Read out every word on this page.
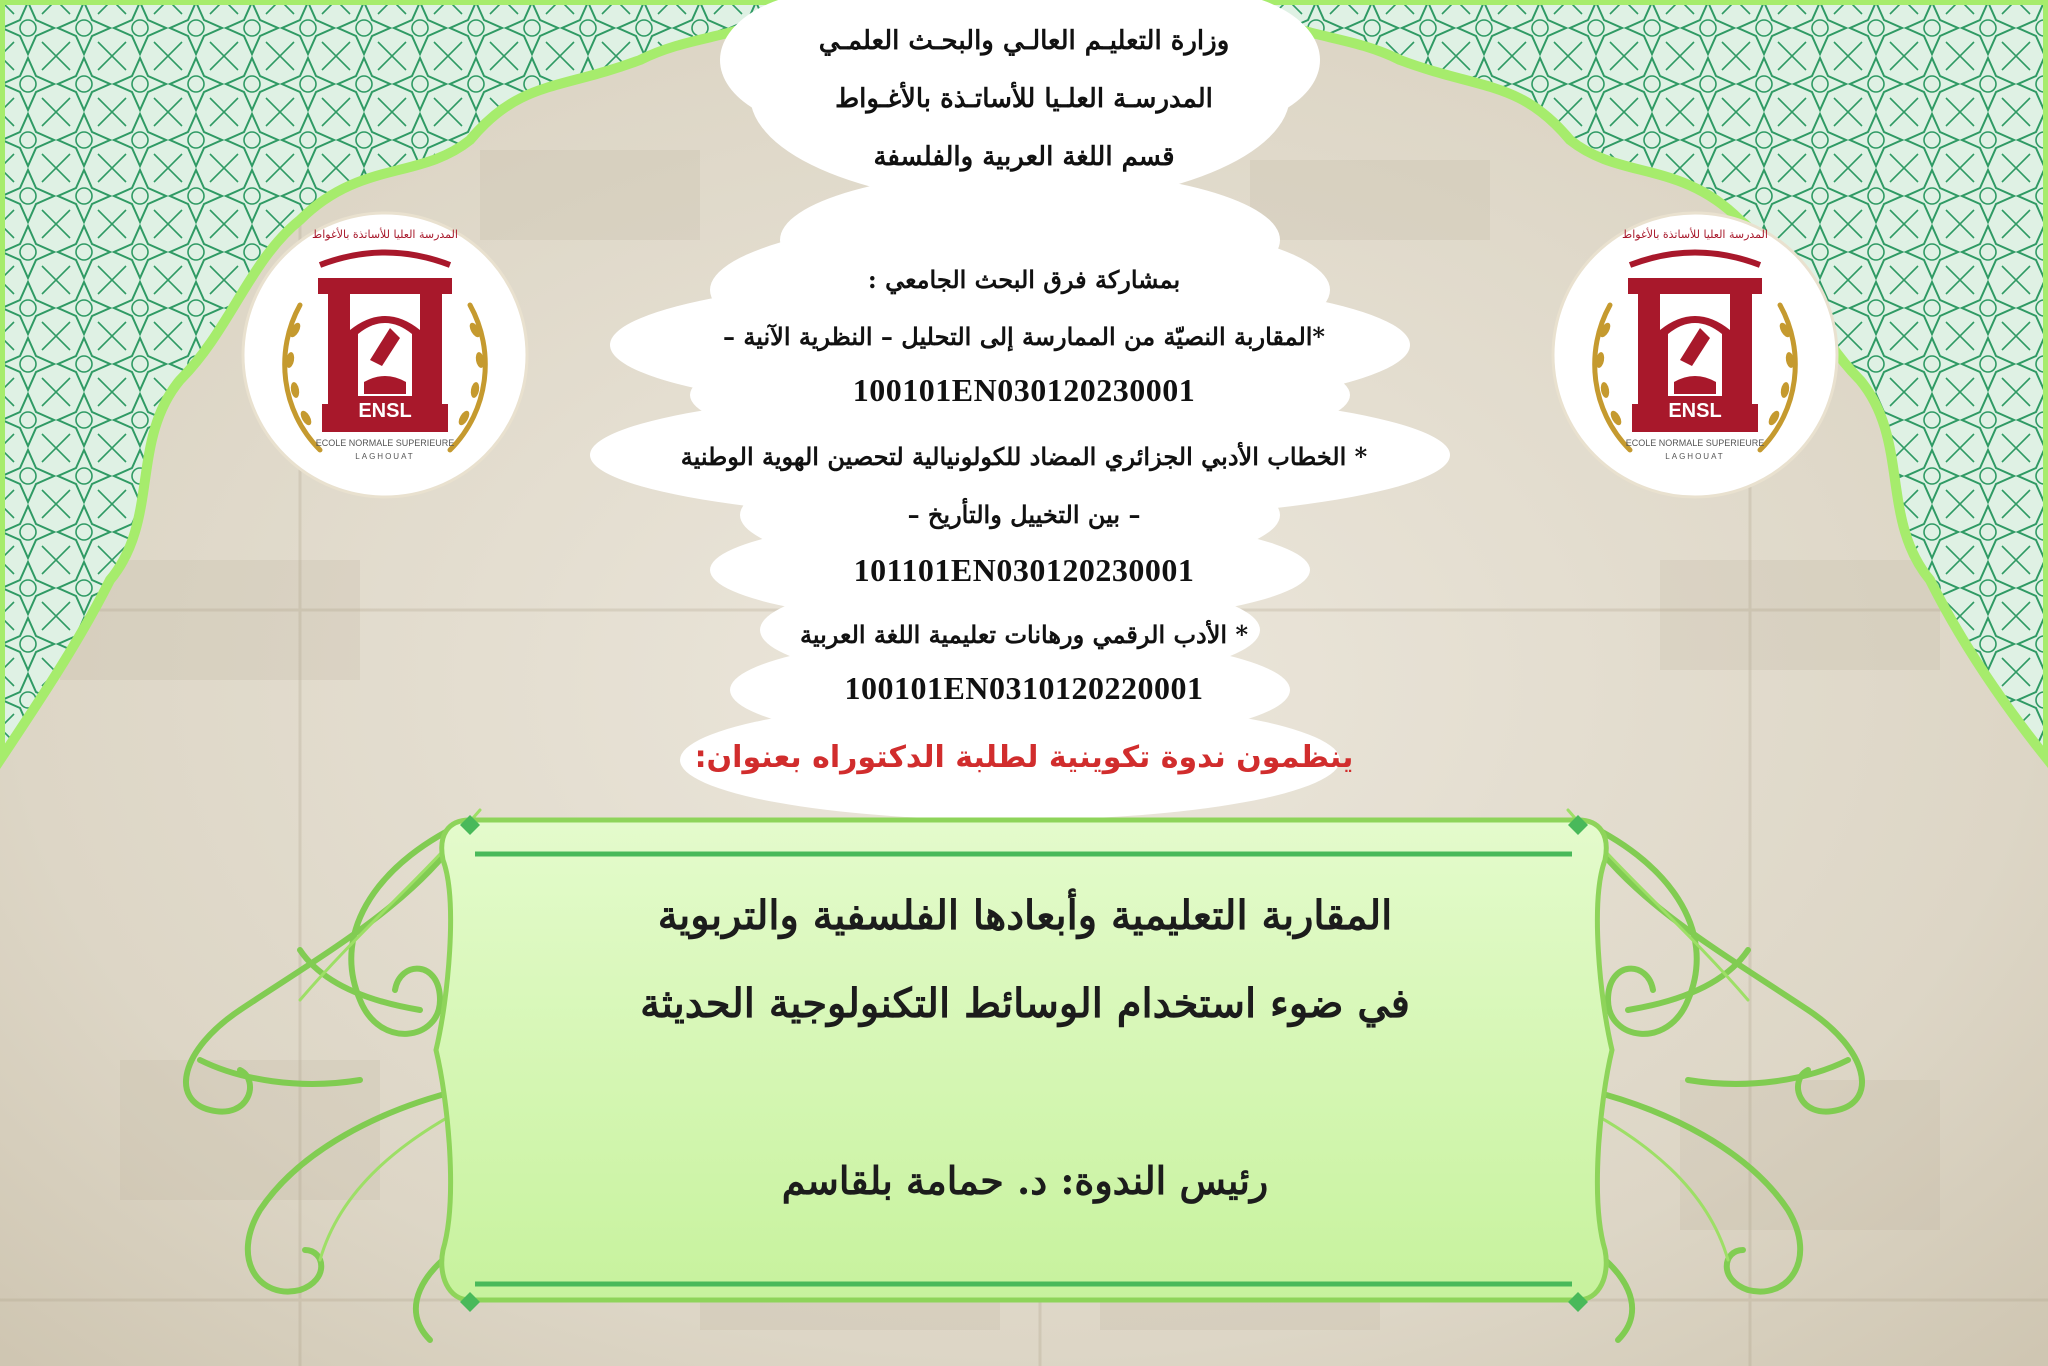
ENSL
المدرسة العليا للأساتذة بالأغواط
ECOLE NORMALE SUPERIEURE
LAGHOUAT
ENSL
المدرسة العليا للأساتذة بالأغواط
ECOLE NORMALE SUPERIEURE
LAGHOUAT
وزارة التعليـم العالـي والبحـث العلمـي
المدرسـة العلـيا للأساتـذة بالأغـواط
قسم اللغة العربية والفلسفة
بمشاركة فرق البحث الجامعي :
*المقاربة النصيّة من الممارسة إلى التحليل – النظرية الآنية –
100101EN030120230001
* الخطاب الأدبي الجزائري المضاد للكولونيالية لتحصين الهوية الوطنية
– بين التخييل والتأريخ –
101101EN030120230001
* الأدب الرقمي ورهانات تعليمية اللغة العربية
100101EN0310120220001
ينظمون ندوة تكوينية لطلبة الدكتوراه بعنوان:
المقاربة التعليمية وأبعادها الفلسفية والتربوية
في ضوء استخدام الوسائط التكنولوجية الحديثة
رئيس الندوة: د. حمامة بلقاسم
